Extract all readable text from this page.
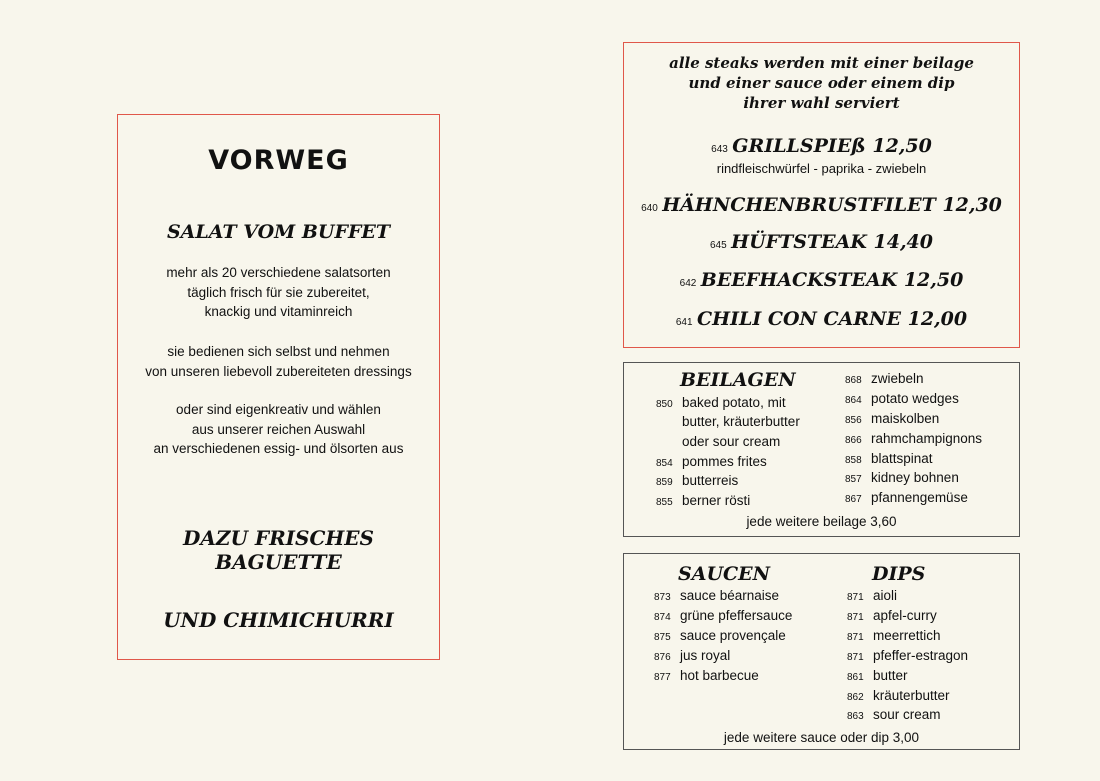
VORWEG
SALAT VOM BUFFET
mehr als 20 verschiedene salatsorten
täglich frisch für sie zubereitet,
knackig und vitaminreich
sie bedienen sich selbst und nehmen
von unseren liebevoll zubereiteten dressings
oder sind eigenkreativ und wählen
aus unserer reichen Auswahl
an verschiedenen essig- und ölsorten aus
DAZU FRISCHES BAGUETTE
UND CHIMICHURRI
alle steaks werden mit einer beilage
und einer sauce oder einem dip
ihrer wahl serviert
643 GRILLSPIEß 12,50
rindfleischwürfel - paprika - zwiebeln
640 HÄHNCHENBRUSTFILET 12,30
645 HÜFTSTEAK 14,40
642 BEEFHACKSTEAK 12,50
641 CHILI CON CARNE 12,00
BEILAGEN
850 baked potato, mit
butter, kräuterbutter
oder sour cream
854 pommes frites
859 butterreis
855 berner rösti
868 zwiebeln
864 potato wedges
856 maiskolben
866 rahmchampignons
858 blattspinat
857 kidney bohnen
867 pfannengemüse
jede weitere beilage 3,60
SAUCEN	DIPS
873 sauce béarnaise
874 grüne pfeffersauce
875 sauce provençale
876 jus royal
877 hot barbecue
871 aioli
871 apfel-curry
871 meerrettich
871 pfeffer-estragon
861 butter
862 kräuterbutter
863 sour cream
jede weitere sauce oder dip 3,00
